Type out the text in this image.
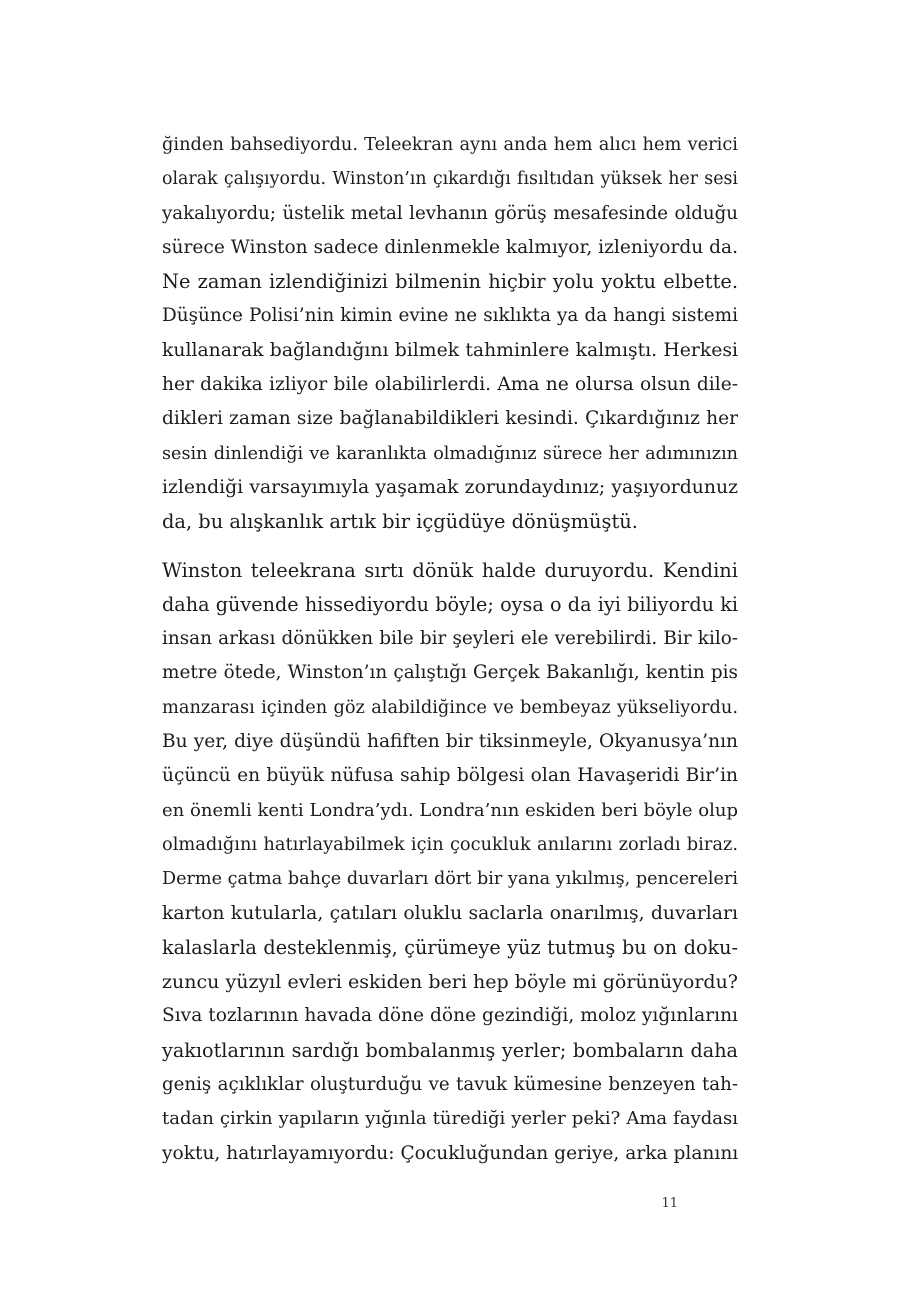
ğinden bahsediyordu. Teleekran aynı anda hem alıcı hem verici
olarak çalışıyordu. Winston’ın çıkardığı fısıltıdan yüksek her sesi
yakalıyordu; üstelik metal levhanın görüş mesafesinde olduğu
sürece Winston sadece dinlenmekle kalmıyor, izleniyordu da.
Ne zaman izlendiğinizi bilmenin hiçbir yolu yoktu elbette.
Düşünce Polisi’nin kimin evine ne sıklıkta ya da hangi sistemi
kullanarak bağlandığını bilmek tahminlere kalmıştı. Herkesi
her dakika izliyor bile olabilirlerdi. Ama ne olursa olsun dile-
dikleri zaman size bağlanabildikleri kesindi. Çıkardığınız her
sesin dinlendiği ve karanlıkta olmadığınız sürece her adımınızın
izlendiği varsayımıyla yaşamak zorundaydınız; yaşıyordunuz
da, bu alışkanlık artık bir içgüdüye dönüşmüştü.
Winston teleekrana sırtı dönük halde duruyordu. Kendini
daha güvende hissediyordu böyle; oysa o da iyi biliyordu ki
insan arkası dönükken bile bir şeyleri ele verebilirdi. Bir kilo-
metre ötede, Winston’ın çalıştığı Gerçek Bakanlığı, kentin pis
manzarası içinden göz alabildiğince ve bembeyaz yükseliyordu.
Bu yer, diye düşündü hafiften bir tiksinmeyle, Okyanusya’nın
üçüncü en büyük nüfusa sahip bölgesi olan Havaşeridi Bir’in
en önemli kenti Londra’ydı. Londra’nın eskiden beri böyle olup
olmadığını hatırlayabilmek için çocukluk anılarını zorladı biraz.
Derme çatma bahçe duvarları dört bir yana yıkılmış, pencereleri
karton kutularla, çatıları oluklu saclarla onarılmış, duvarları
kalaslarla desteklenmiş, çürümeye yüz tutmuş bu on doku-
zuncu yüzyıl evleri eskiden beri hep böyle mi görünüyordu?
Sıva tozlarının havada döne döne gezindiği, moloz yığınlarını
yakıotlarının sardığı bombalanmış yerler; bombaların daha
geniş açıklıklar oluşturduğu ve tavuk kümesine benzeyen tah-
tadan çirkin yapıların yığınla türediği yerler peki? Ama faydası
yoktu, hatırlayamıyordu: Çocukluğundan geriye, arka planını
11
